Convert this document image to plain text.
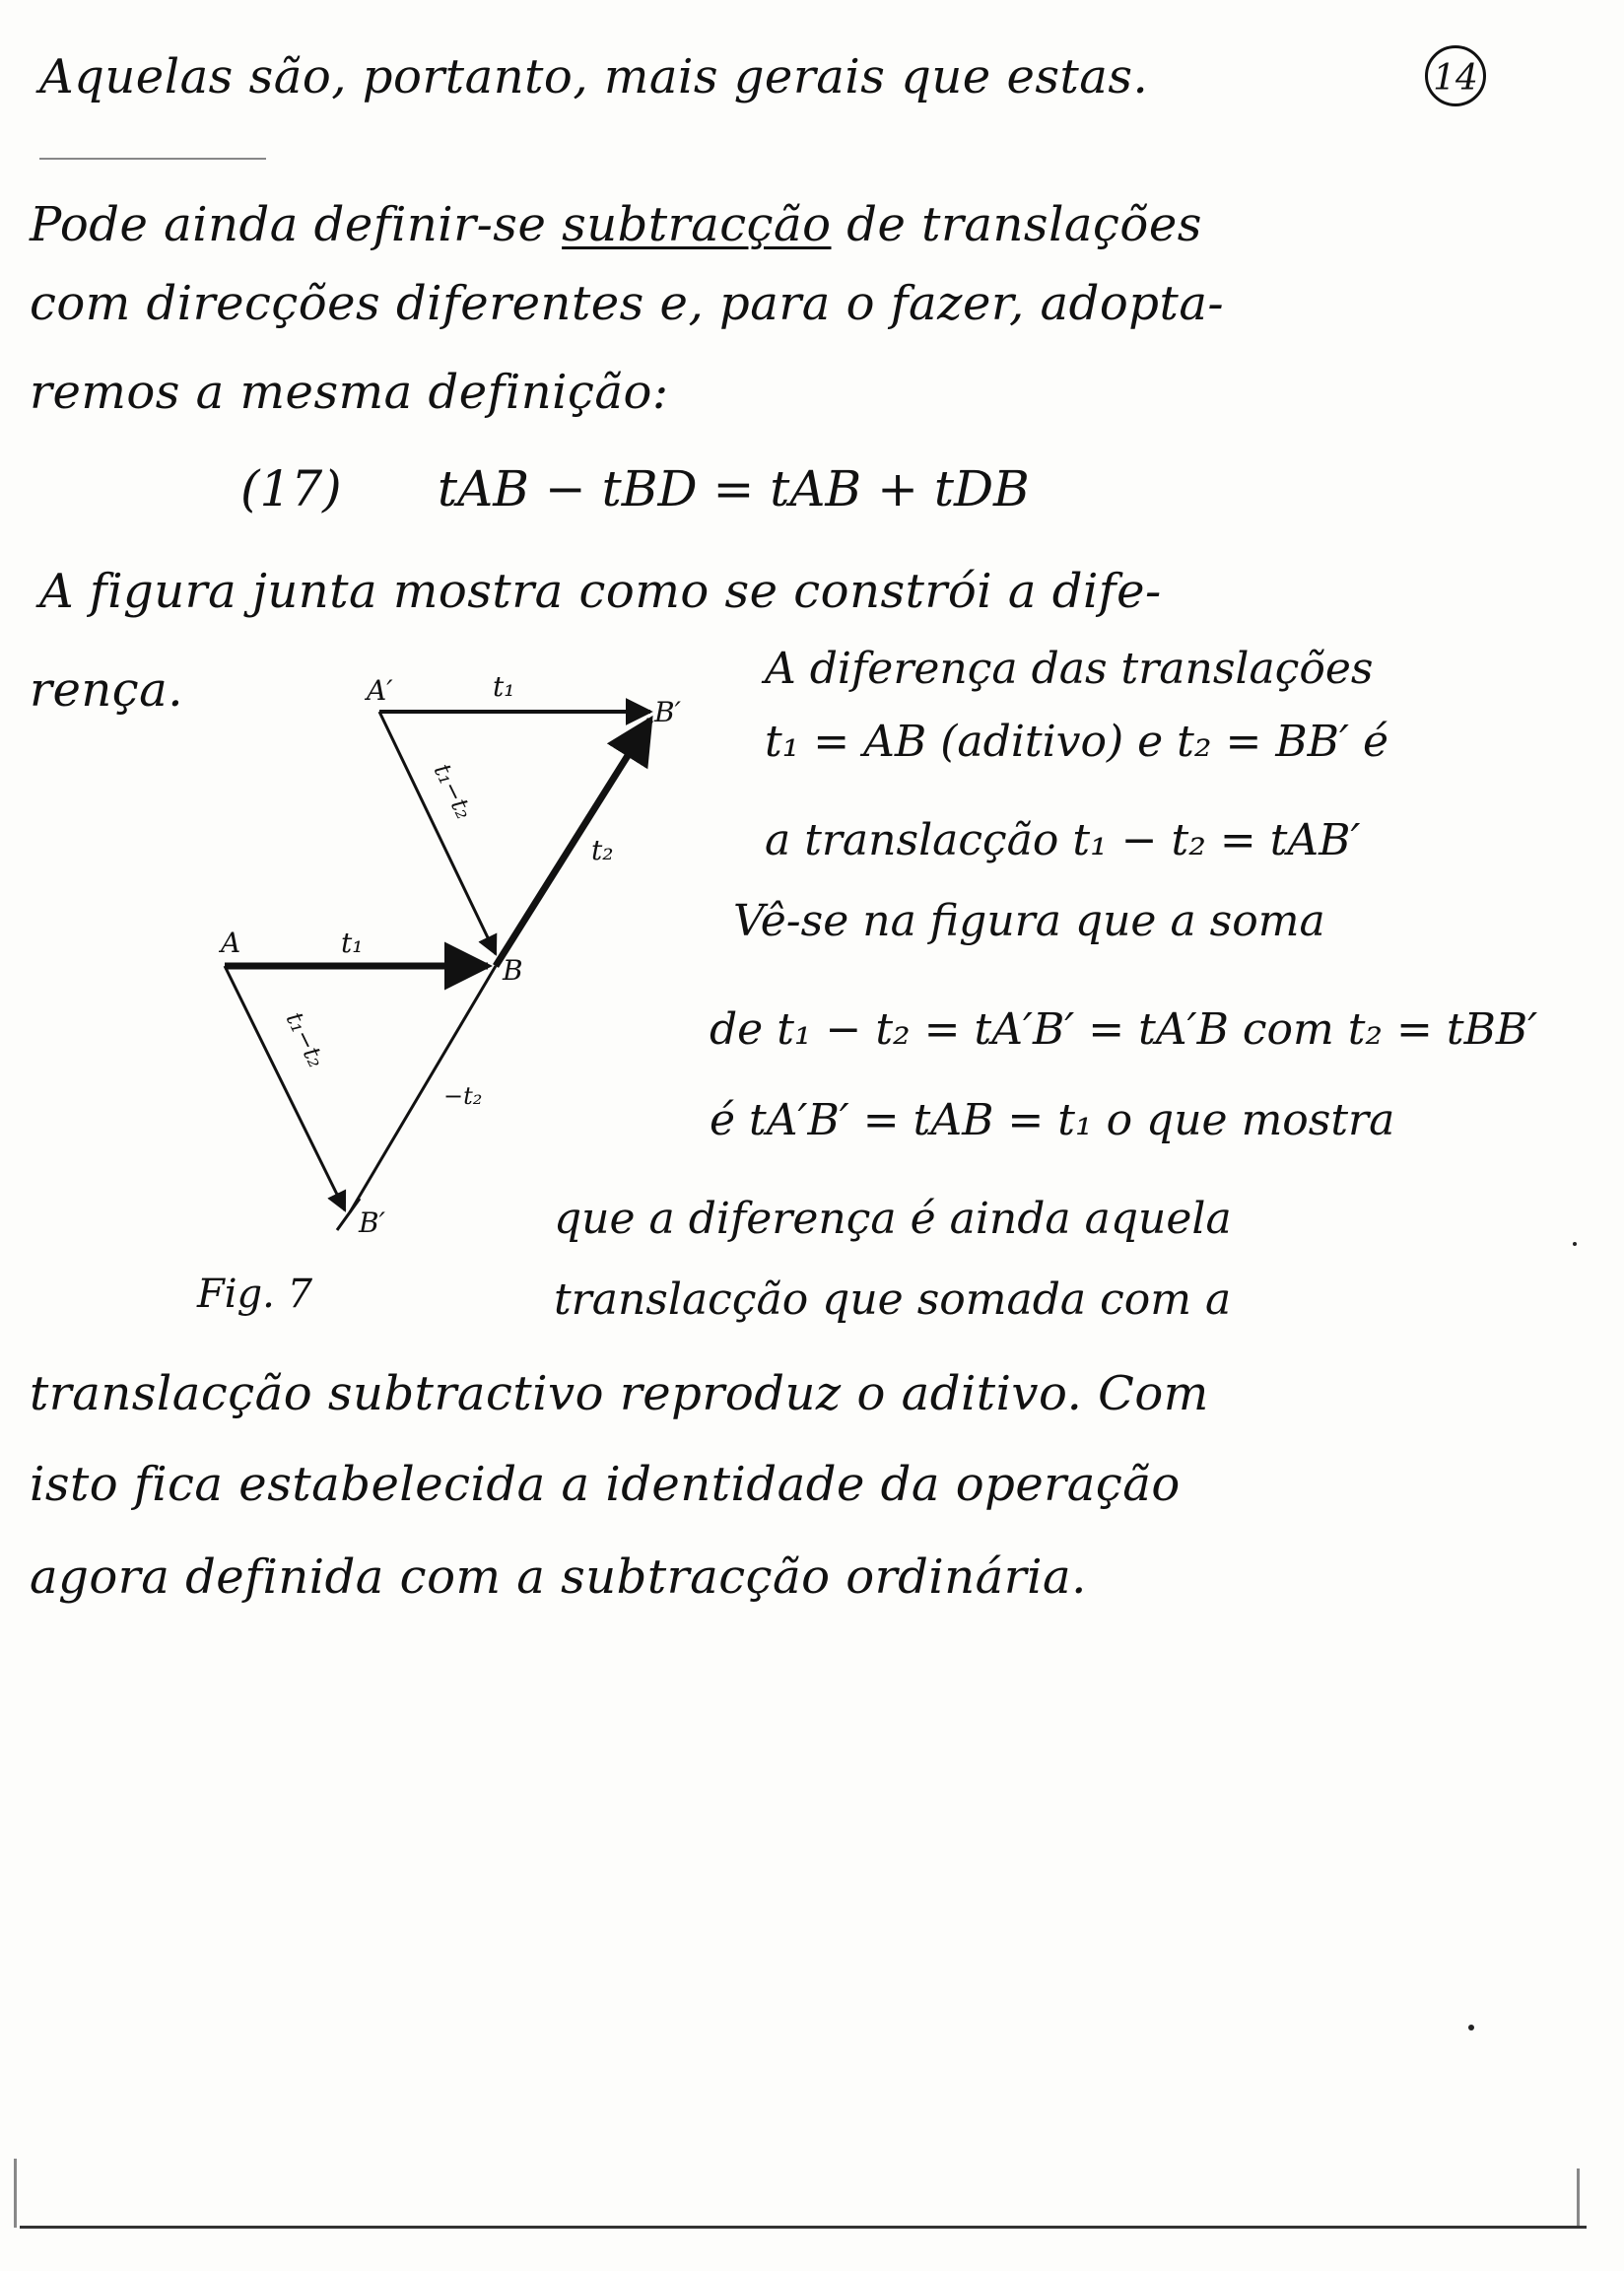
14
Aquelas são, portanto, mais gerais que estas.
Pode ainda definir-se subtracção de translações
com direcções diferentes e, para o fazer, adopta-
remos a mesma definição:
(17) tAB − tBD = tAB + tDB
A figura junta mostra como se constrói a dife-
rença.	A diferença das translações
t₁ = AB (aditivo) e t₂ = BB′ é
a translacção t₁ − t₂ = tAB′
Vê-se na figura que a soma
de t₁ − t₂ = tA′B′ = tA′B com t₂ = tBB′
é tA′B′ = tAB = t₁ o que mostra
que a diferença é ainda aquela
translacção que somada com a
A′
B′
A
B
B′
t₁
t₁
t₂
t₁−t₂
t₁−t₂
−t₂
Fig. 7
translacção subtractivo reproduz o aditivo. Com
isto fica estabelecida a identidade da operação
agora definida com a subtracção ordinária.
